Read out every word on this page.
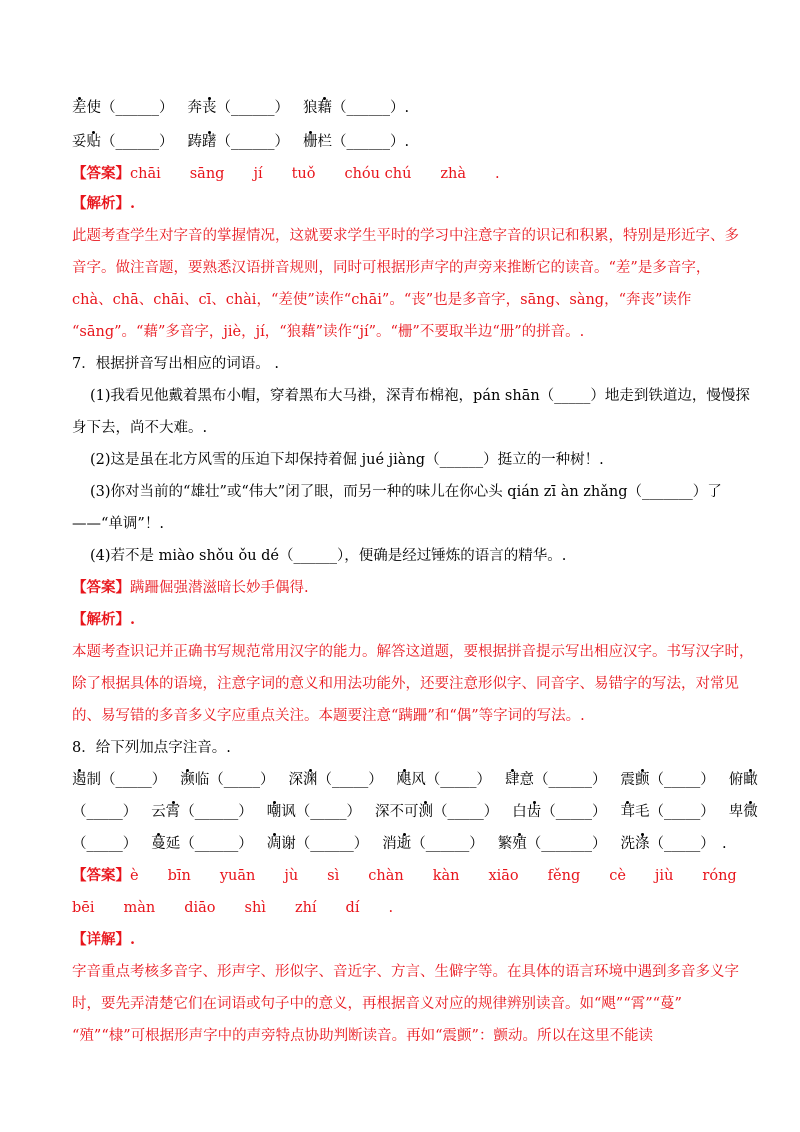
差使（______） 奔丧（______） 狼藉（______）.
妥贴（______） 踌躇（______） 栅栏（______）.
【答案】chāi　　sāng　　jí　　tuǒ　　chóu chú　　zhà　　.
【解析】.
此题考查学生对字音的掌握情况，这就要求学生平时的学习中注意字音的识记和积累，特别是形近字、多
音字。做注音题，要熟悉汉语拼音规则，同时可根据形声字的声旁来推断它的读音。“差”是多音字，
chà、chā、chāi、cī、chài，“差使”读作“chāi”。“丧”也是多音字，sāng、sàng，“奔丧”读作
“sāng”。“藉”多音字，jiè，jí，“狼藉”读作“jí”。“栅”不要取半边“册”的拼音。.
7．根据拼音写出相应的词语。 .
(1)我看见他戴着黑布小帽，穿着黑布大马褂，深青布棉袍，pán shān（_____）地走到铁道边，慢慢探
身下去，尚不大难。.
(2)这是虽在北方风雪的压迫下却保持着倔 jué jiàng（______）挺立的一种树！.
(3)你对当前的“雄壮”或“伟大”闭了眼，而另一种的味儿在你心头 qián zī àn zhǎng（_______）了
——“单调”！.
(4)若不是 miào shǒu ǒu dé（______），便确是经过锤炼的语言的精华。.
【答案】蹒跚倔强潜滋暗长妙手偶得.
【解析】.
本题考查识记并正确书写规范常用汉字的能力。解答这道题，要根据拼音提示写出相应汉字。书写汉字时，
除了根据具体的语境，注意字词的意义和用法功能外，还要注意形似字、同音字、易错字的写法，对常见
的、易写错的多音多义字应重点关注。本题要注意“蹒跚”和“偶”等字词的写法。.
8．给下列加点字注音。.
遏制（_____） 濒临（_____） 深渊（_____） 飓风（_____） 肆意（______） 震颤（_____） 俯瞰
（_____） 云霄（______） 嘲讽（_____） 深不可测（_____） 白齿（_____） 茸毛（_____） 卑微
（_____） 蔓延（______） 凋谢（______） 消逝（______） 繁殖（_______） 洗涤（_____）　.
【答案】è　　bīn　　yuān　　jù　　sì　　chàn　　kàn　　xiāo　　fěng　　cè　　jiù　　róng
bēi　　màn　　diāo　　shì　　zhí　　dí　　.
【详解】.
字音重点考核多音字、形声字、形似字、音近字、方言、生僻字等。在具体的语言环境中遇到多音多义字
时，要先弄清楚它们在词语或句子中的意义，再根据音义对应的规律辨别读音。如“飓”“霄”“蔓”
“殖”“棣”可根据形声字中的声旁特点协助判断读音。再如“震颤”：颤动。所以在这里不能读
